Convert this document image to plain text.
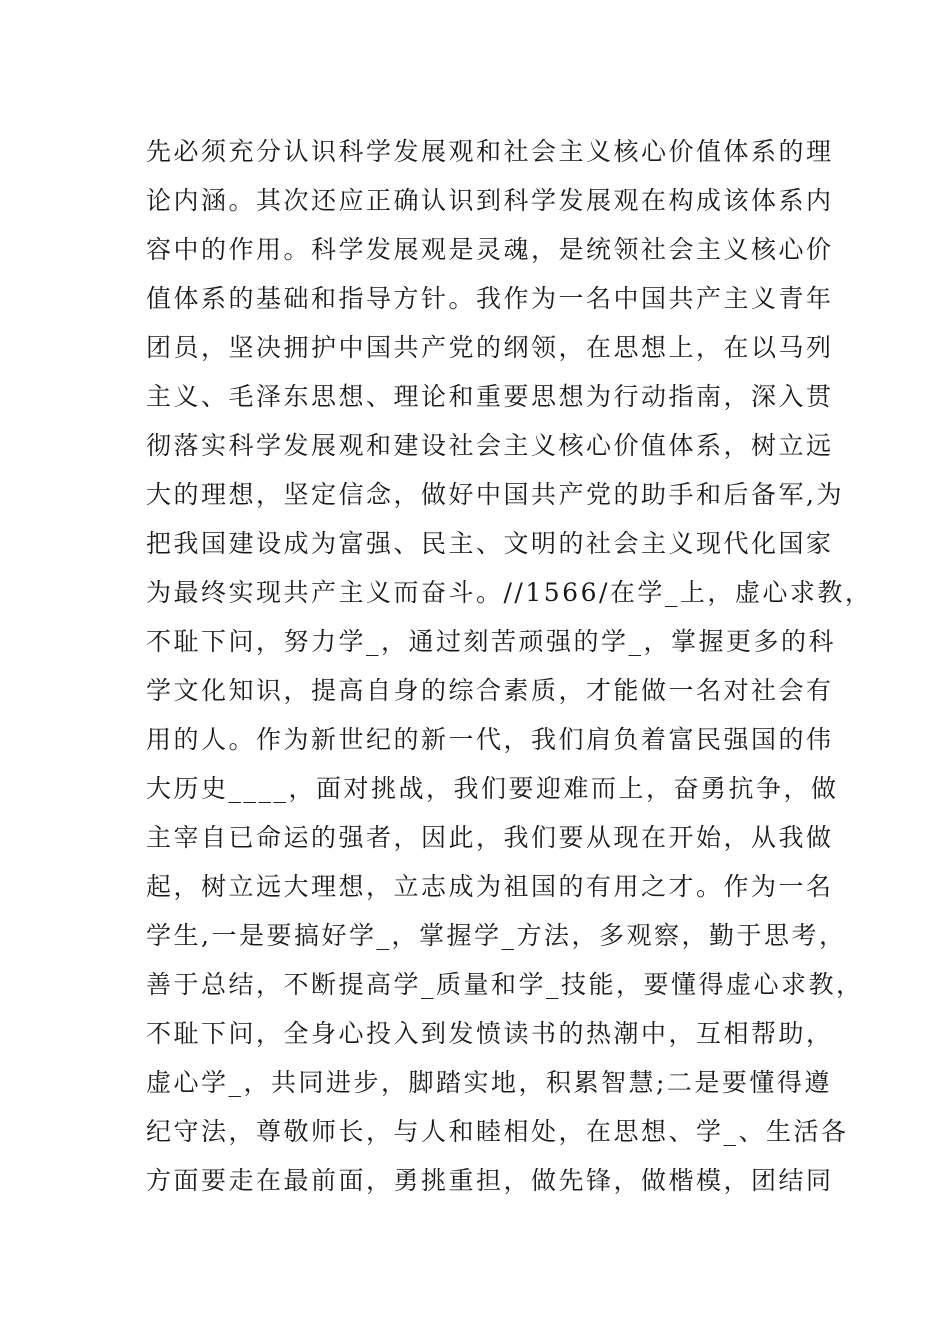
先必须充分认识科学发展观和社会主义核心价值体系的理
论内涵。其次还应正确认识到科学发展观在构成该体系内
容中的作用。科学发展观是灵魂，是统领社会主义核心价
值体系的基础和指导方针。我作为一名中国共产主义青年
团员，坚决拥护中国共产党的纲领，在思想上，在以马列
主义、毛泽东思想、理论和重要思想为行动指南，深入贯
彻落实科学发展观和建设社会主义核心价值体系，树立远
大的理想，坚定信念，做好中国共产党的助手和后备军,为
把我国建设成为富强、民主、文明的社会主义现代化国家
为最终实现共产主义而奋斗。//1566/在学_上，虚心求教，
不耻下问，努力学_，通过刻苦顽强的学_，掌握更多的科
学文化知识，提高自身的综合素质，才能做一名对社会有
用的人。作为新世纪的新一代，我们肩负着富民强国的伟
大历史____，面对挑战，我们要迎难而上，奋勇抗争，做
主宰自已命运的强者，因此，我们要从现在开始，从我做
起，树立远大理想，立志成为祖国的有用之才。作为一名
学生,一是要搞好学_，掌握学_方法，多观察，勤于思考，
善于总结，不断提高学_质量和学_技能，要懂得虚心求教，
不耻下问，全身心投入到发愤读书的热潮中，互相帮助，
虚心学_，共同进步，脚踏实地，积累智慧;二是要懂得遵
纪守法，尊敬师长，与人和睦相处，在思想、学_、生活各
方面要走在最前面，勇挑重担，做先锋，做楷模，团结同
